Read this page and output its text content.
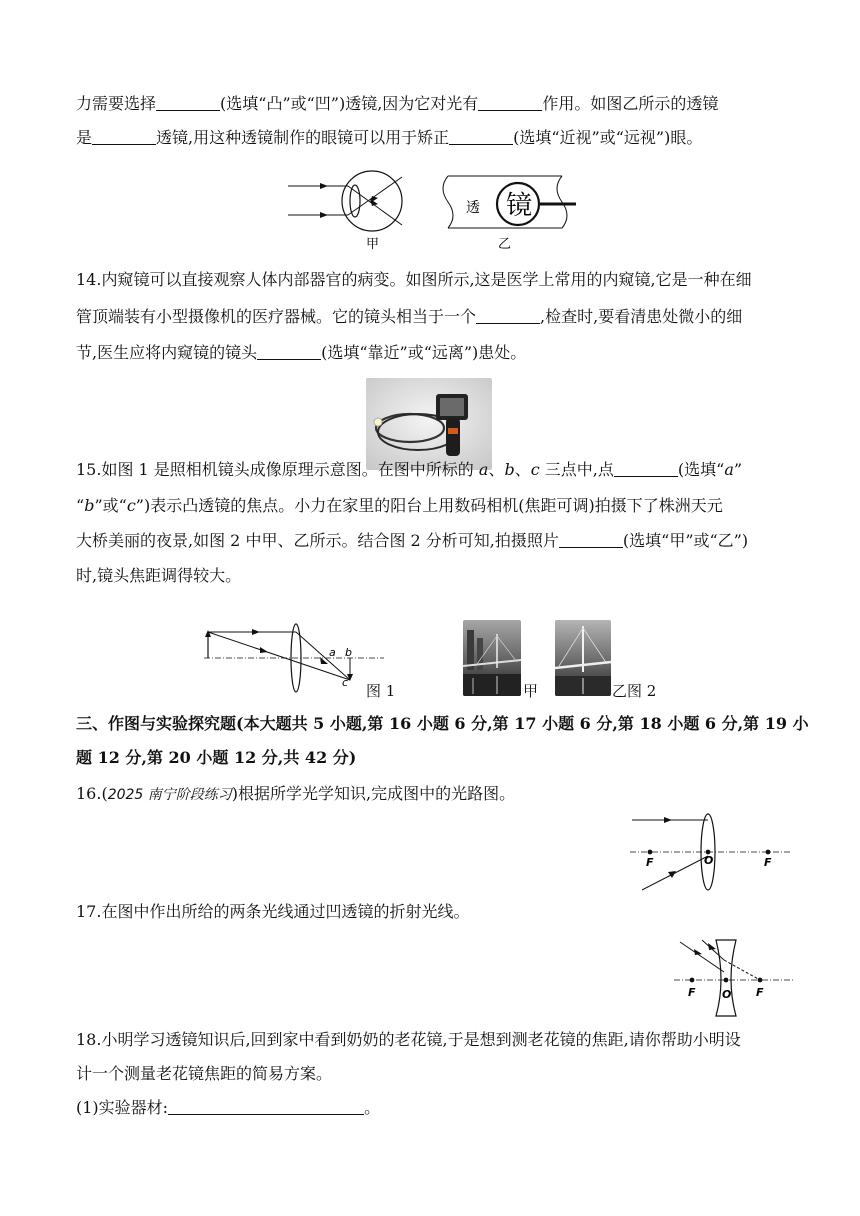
力需要选择	(选填“凸”或“凹”)透镜,因为它对光有	作用。如图乙所示的透镜
是	透镜,用这种透镜制作的眼镜可以用于矫正	(选填“近视”或“远视”)眼。
甲
透 镜
乙
14.内窥镜可以直接观察人体内部器官的病变。如图所示,这是医学上常用的内窥镜,它是一种在细
管顶端装有小型摄像机的医疗器械。它的镜头相当于一个	,检查时,要看清患处微小的细
节,医生应将内窥镜的镜头	(选填“靠近”或“远离”)患处。
15.如图 1 是照相机镜头成像原理示意图。在图中所标的 a、b、c 三点中,点	(选填“a”
“b”或“c”)表示凸透镜的焦点。小力在家里的阳台上用数码相机(焦距可调)拍摄下了株洲天元
大桥美丽的夜景,如图 2 中甲、乙所示。结合图 2 分析可知,拍摄照片	(选填“甲”或“乙”)
时,镜头焦距调得较大。
a b
c 图 1	甲	乙图 2
三、作图与实验探究题(本大题共 5 小题,第 16 小题 6 分,第 17 小题 6 分,第 18 小题 6 分,第 19 小
题 12 分,第 20 小题 12 分,共 42 分)
16.(2025 南宁阶段练习)根据所学光学知识,完成图中的光路图。
F	O	F
17.在图中作出所给的两条光线通过凹透镜的折射光线。
F O F
18.小明学习透镜知识后,回到家中看到奶奶的老花镜,于是想到测老花镜的焦距,请你帮助小明设
计一个测量老花镜焦距的简易方案。
(1)实验器材:	。
